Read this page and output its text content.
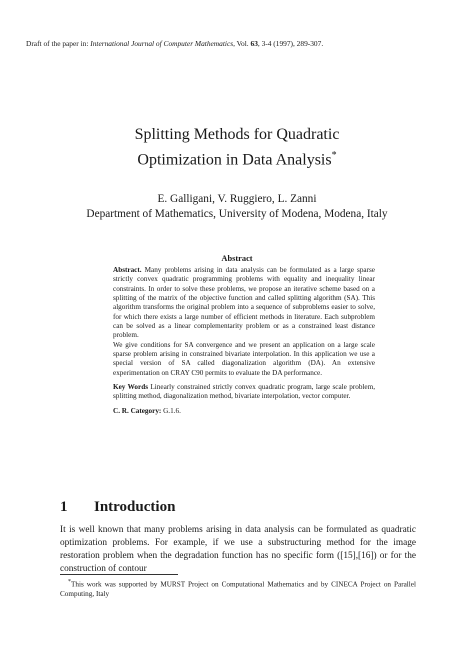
Draft of the paper in: International Journal of Computer Mathematics, Vol. 63, 3-4 (1997), 289-307.
Splitting Methods for Quadratic
Optimization in Data Analysis*
E. Galligani, V. Ruggiero, L. Zanni
Department of Mathematics, University of Modena, Modena, Italy
Abstract

Abstract. Many problems arising in data analysis can be formulated as a large sparse strictly convex quadratic programming problems with equality and inequality linear constraints. In order to solve these problems, we propose an iterative scheme based on a splitting of the matrix of the objective function and called splitting algorithm (SA). This algorithm transforms the original problem into a sequence of subproblems easier to solve, for which there exists a large number of efficient methods in literature. Each subproblem can be solved as a linear complementarity problem or as a constrained least distance problem.

We give conditions for SA convergence and we present an application on a large scale sparse problem arising in constrained bivariate interpolation. In this application we use a special version of SA called diagonalization algorithm (DA). An extensive experimentation on CRAY C90 permits to evaluate the DA performance.

Key Words Linearly constrained strictly convex quadratic program, large scale problem, splitting method, diagonalization method, bivariate interpolation, vector computer.

C. R. Category: G.1.6.

1 Introduction

It is well known that many problems arising in data analysis can be formulated as quadratic optimization problems. For example, if we use a substructuring method for the image restoration problem when the degradation function has no specific form ([15],[16]) or for the construction of contour

*This work was supported by MURST Project on Computational Mathematics and by CINECA Project on Parallel Computing, Italy
